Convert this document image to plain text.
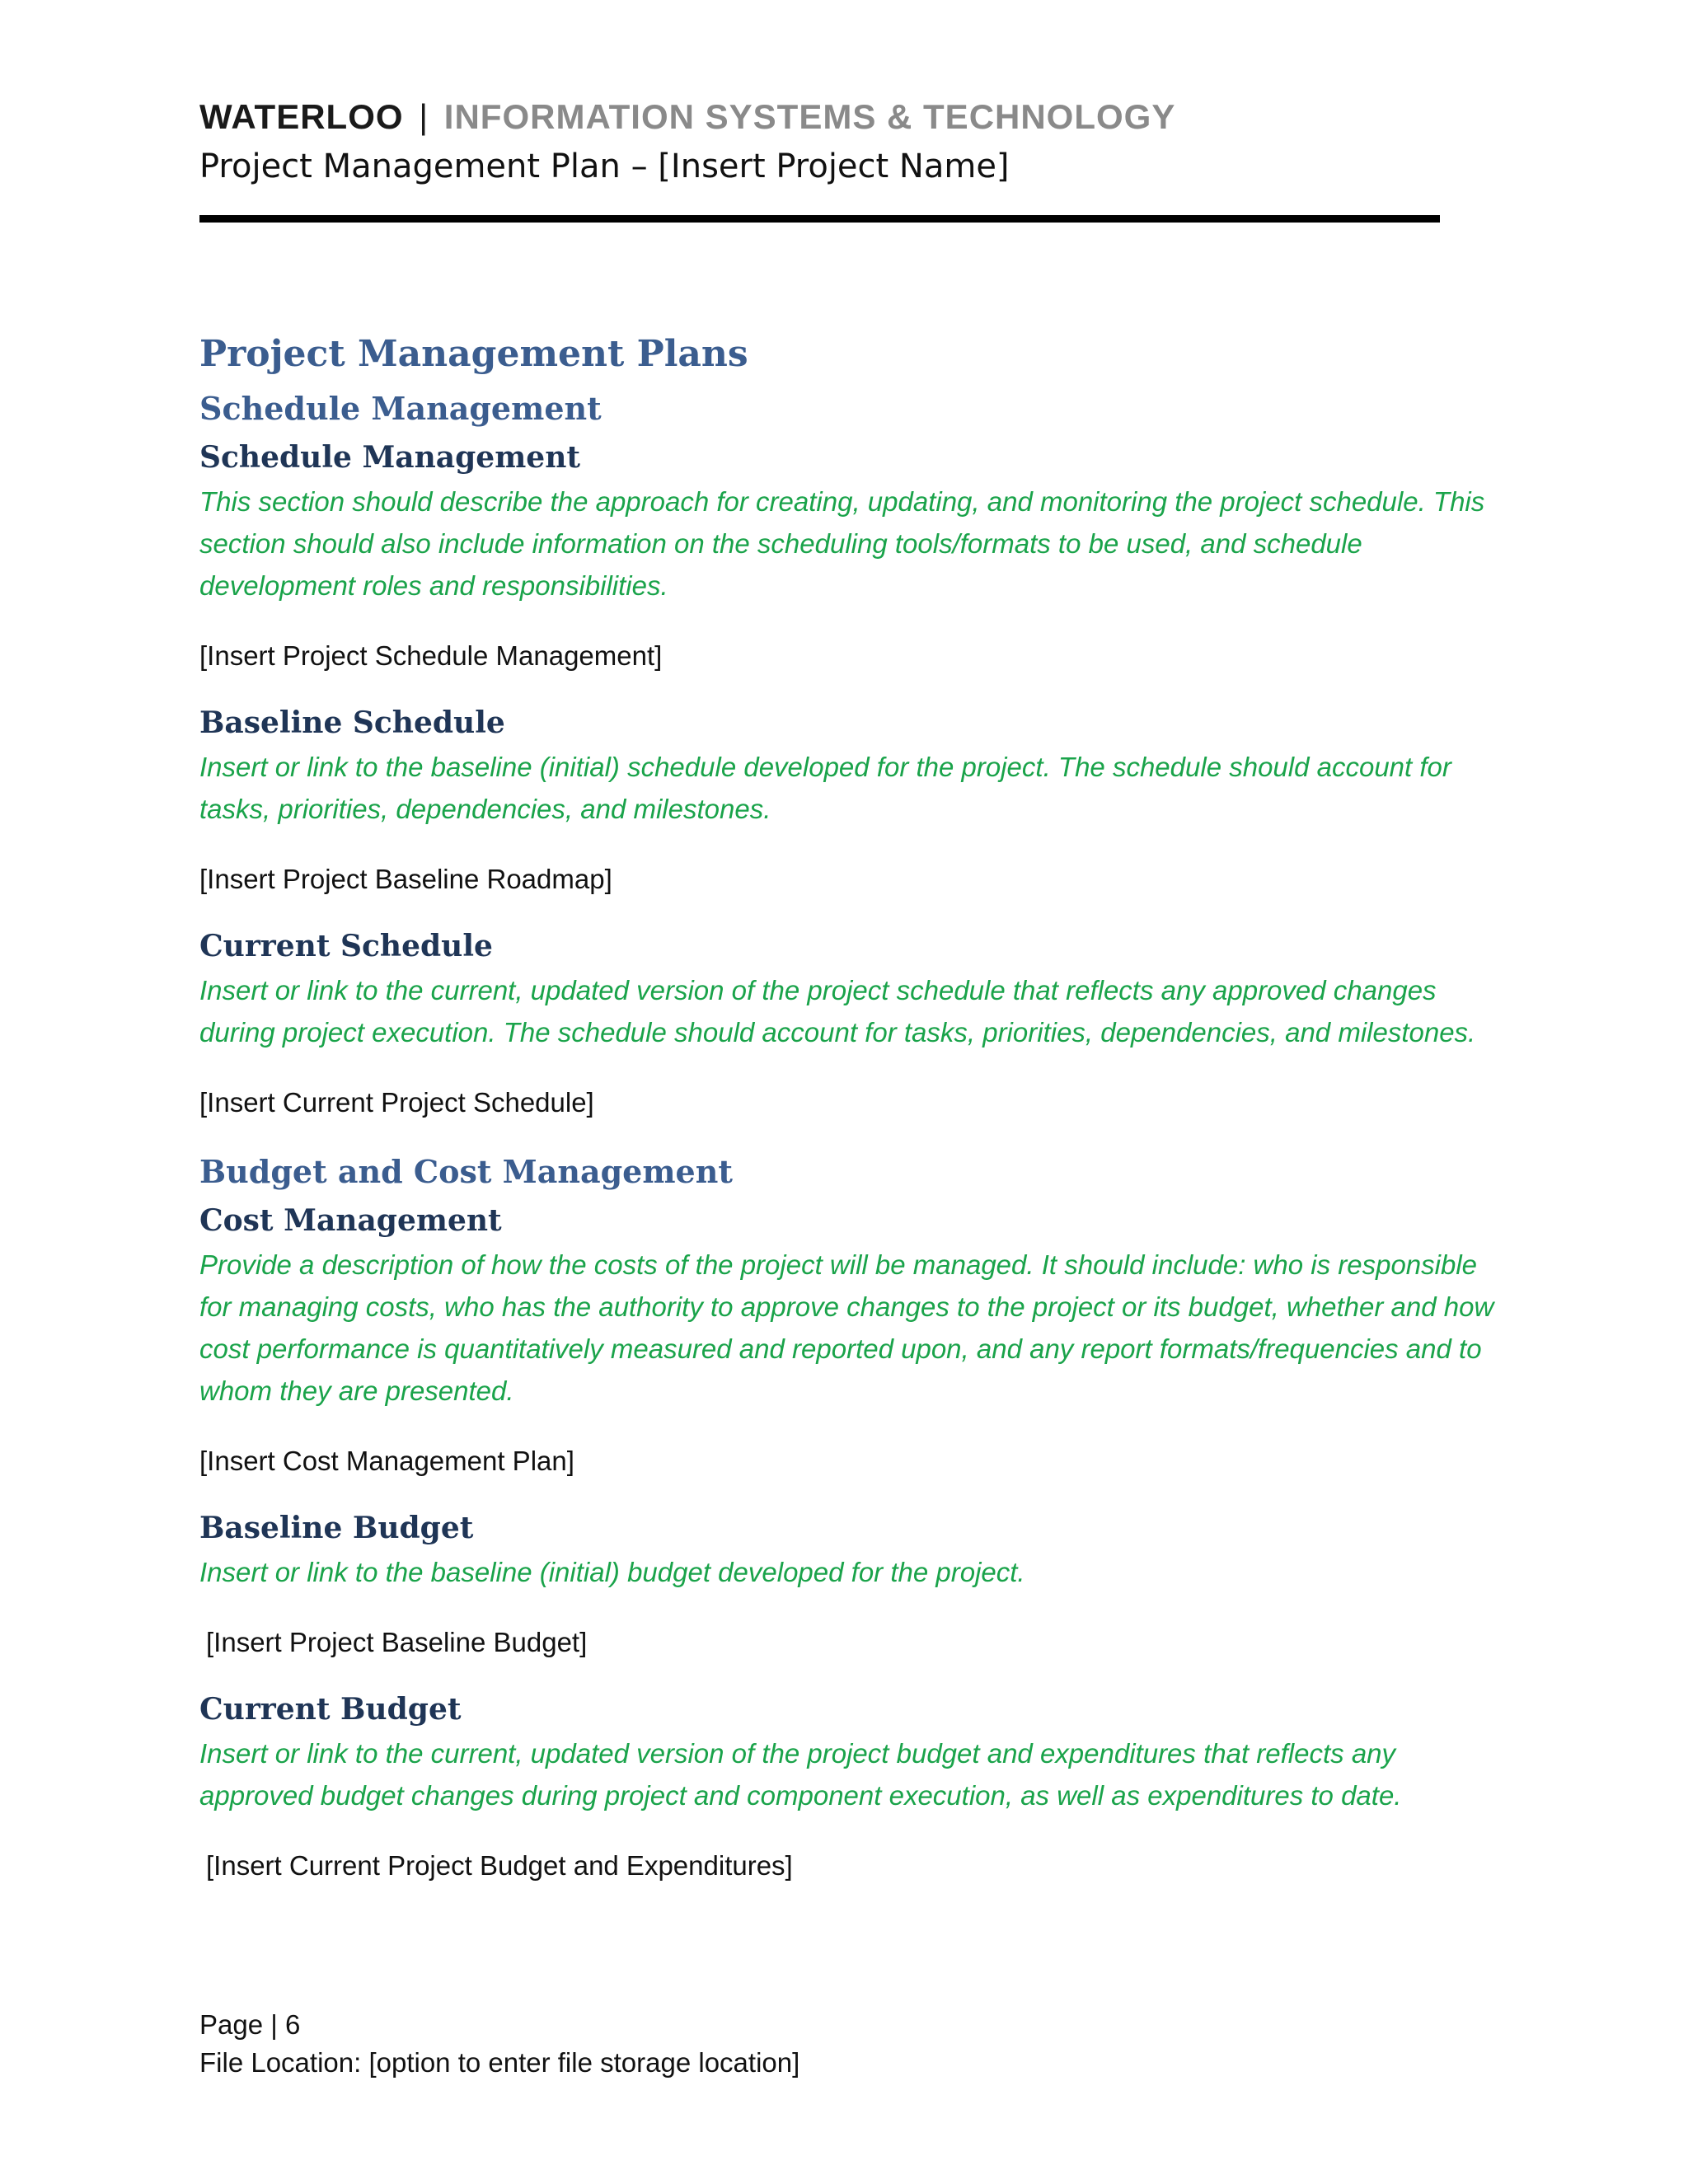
WATERLOO | INFORMATION SYSTEMS & TECHNOLOGY
Project Management Plan – [Insert Project Name]
Project Management Plans
Schedule Management
Schedule Management

This section should describe the approach for creating, updating, and monitoring the project schedule. This section should also include information on the scheduling tools/formats to be used, and schedule development roles and responsibilities.

[Insert Project Schedule Management]

Baseline Schedule

Insert or link to the baseline (initial) schedule developed for the project. The schedule should account for tasks, priorities, dependencies, and milestones.

[Insert Project Baseline Roadmap]

Current Schedule

Insert or link to the current, updated version of the project schedule that reflects any approved changes during project execution. The schedule should account for tasks, priorities, dependencies, and milestones.

[Insert Current Project Schedule]

Budget and Cost Management
Cost Management

Provide a description of how the costs of the project will be managed. It should include: who is responsible for managing costs, who has the authority to approve changes to the project or its budget, whether and how cost performance is quantitatively measured and reported upon, and any report formats/frequencies and to whom they are presented.

[Insert Cost Management Plan]

Baseline Budget

Insert or link to the baseline (initial) budget developed for the project.

[Insert Project Baseline Budget]

Current Budget

Insert or link to the current, updated version of the project budget and expenditures that reflects any approved budget changes during project and component execution, as well as expenditures to date.

[Insert Current Project Budget and Expenditures]

Page | 6
File Location: [option to enter file storage location]
